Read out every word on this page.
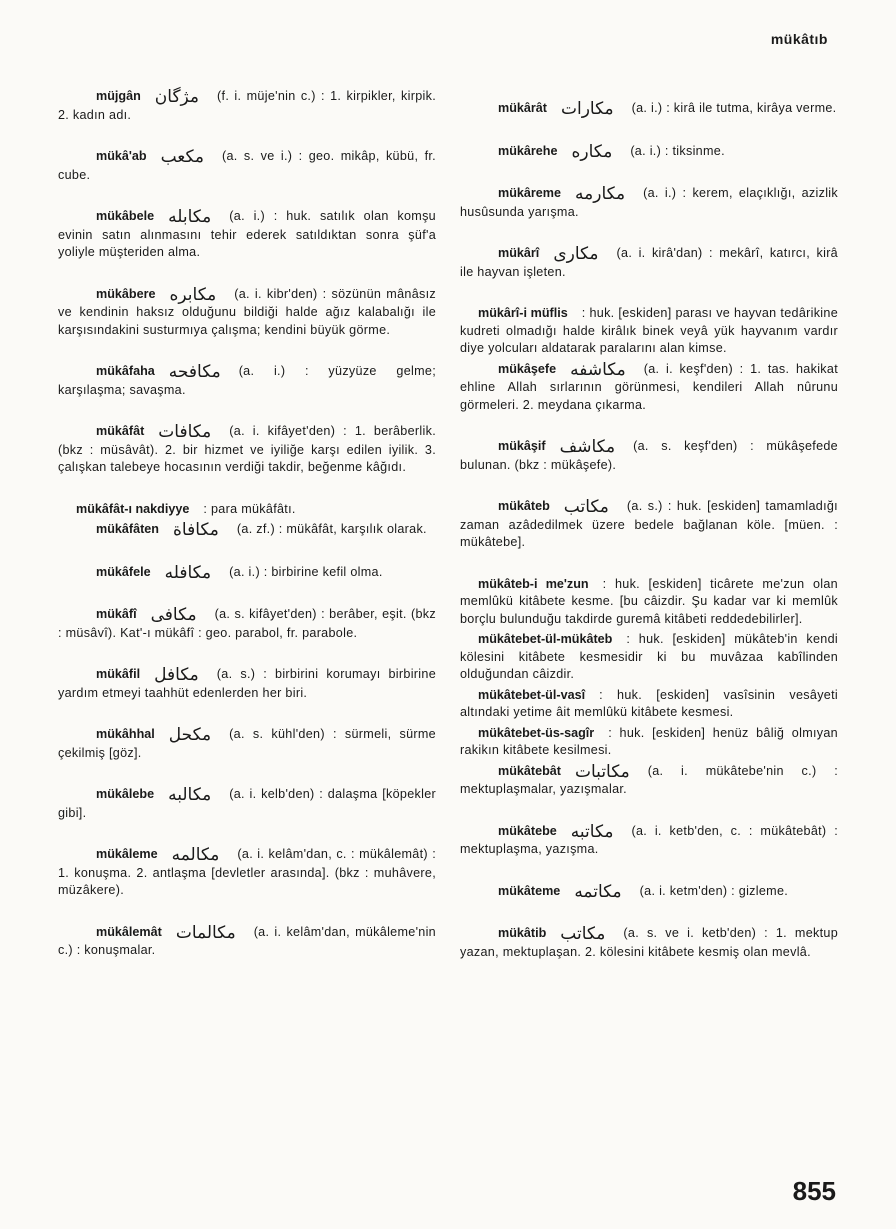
mükâtıb

müjgân مژگان (f. i. müje'nin c.) : 1. kirpikler, kirpik. 2. kadın adı.

mükâ'ab مكعب (a. s. ve i.) : geo. mikâp, kübü, fr. cube.

mükâbele مكابله (a. i.) : huk. satılık olan komşu evinin satın alınmasını tehir ederek satıldıktan sonra şüf'a yoliyle müşteriden alma.

mükâbere مكابره (a. i. kibr'den) : sözünün mânâsız ve kendinin haksız olduğunu bildiği halde ağız kalabalığı ile karşısındakini susturmıya çalışma; kendini büyük görme.

mükâfaha مكافحه (a. i.) : yüzyüze gelme; karşılaşma; savaşma.

mükâfât مكافات (a. i. kifâyet'den) : 1. berâberlik. (bkz : müsâvât). 2. bir hizmet ve iyiliğe karşı edilen iyilik. 3. çalışkan talebeye hocasının verdiği takdir, beğenme kâğıdı.

mükâfât-ı nakdiyye : para mükâfâtı.

mükâfâten مكافاة (a. zf.) : mükâfât, karşılık olarak.

mükâfele مكافله (a. i.) : birbirine kefil olma.

mükâfî مكافى (a. s. kifâyet'den) : berâber, eşit. (bkz : müsâvî). Kat'-ı mükâfî : geo. parabol, fr. parabole.

mükâfil مكافل (a. s.) : birbirini korumayı birbirine yardım etmeyi taahhüt edenlerden her biri.

mükâhhal مكحل (a. s. kühl'den) : sürmeli, sürme çekilmiş [göz].

mükâlebe مكالبه (a. i. kelb'den) : dalaşma [köpekler gibi].

mükâleme مكالمه (a. i. kelâm'dan, c. : mükâlemât) : 1. konuşma. 2. antlaşma [devletler arasında]. (bkz : muhâvere, müzâkere).

mükâlemât مكالمات (a. i. kelâm'dan, mükâleme'nin c.) : konuşmalar.

mükârât مكارات (a. i.) : kirâ ile tutma, kirâya verme.

mükârehe مكاره (a. i.) : tiksinme.

mükâreme مكارمه (a. i.) : kerem, elaçıklığı, azizlik husûsunda yarışma.

mükârî مكارى (a. i. kirâ'dan) : mekârî, katırcı, kirâ ile hayvan işleten.

mükârî-i müflis : huk. [eskiden] parası ve hayvan tedârikine kudreti olmadığı halde kirâlık binek veyâ yük hayvanım vardır diye yolcuları aldatarak paralarını alan kimse.

mükâşefe مكاشفه (a. i. keşf'den) : 1. tas. hakikat ehline Allah sırlarının görünmesi, kendileri Allah nûrunu görmeleri. 2. meydana çıkarma.

mükâşif مكاشف (a. s. keşf'den) : mükâşefede bulunan. (bkz : mükâşefe).

mükâteb مكاتب (a. s.) : huk. [eskiden] tamamladığı zaman azâdedilmek üzere bedele bağlanan köle. [müen. : mükâtebe].

mükâteb-i me'zun : huk. [eskiden] ticârete me'zun olan memlûkü kitâbete kesme. [bu câizdir. Şu kadar var ki memlûk borçlu bulunduğu takdirde guremâ kitâbeti reddedebilirler].

mükâtebet-ül-mükâteb : huk. [eskiden] mükâteb'in kendi kölesini kitâbete kesmesidir ki bu muvâzaa kabîlinden olduğundan câizdir.

mükâtebet-ül-vasî : huk. [eskiden] vasîsinin vesâyeti altındaki yetime âit memlûkü kitâbete kesmesi.

mükâtebet-üs-sagîr : huk. [eskiden] henüz bâliğ olmıyan rakikın kitâbete kesilmesi.

mükâtebât مكاتبات (a. i. mükâtebe'nin c.) : mektuplaşmalar, yazışmalar.

mükâtebe مكاتبه (a. i. ketb'den, c. : mükâtebât) : mektuplaşma, yazışma.

mükâteme مكاتمه (a. i. ketm'den) : gizleme.

mükâtib مكاتب (a. s. ve i. ketb'den) : 1. mektup yazan, mektuplaşan. 2. kölesini kitâbete kesmiş olan mevlâ.

855
